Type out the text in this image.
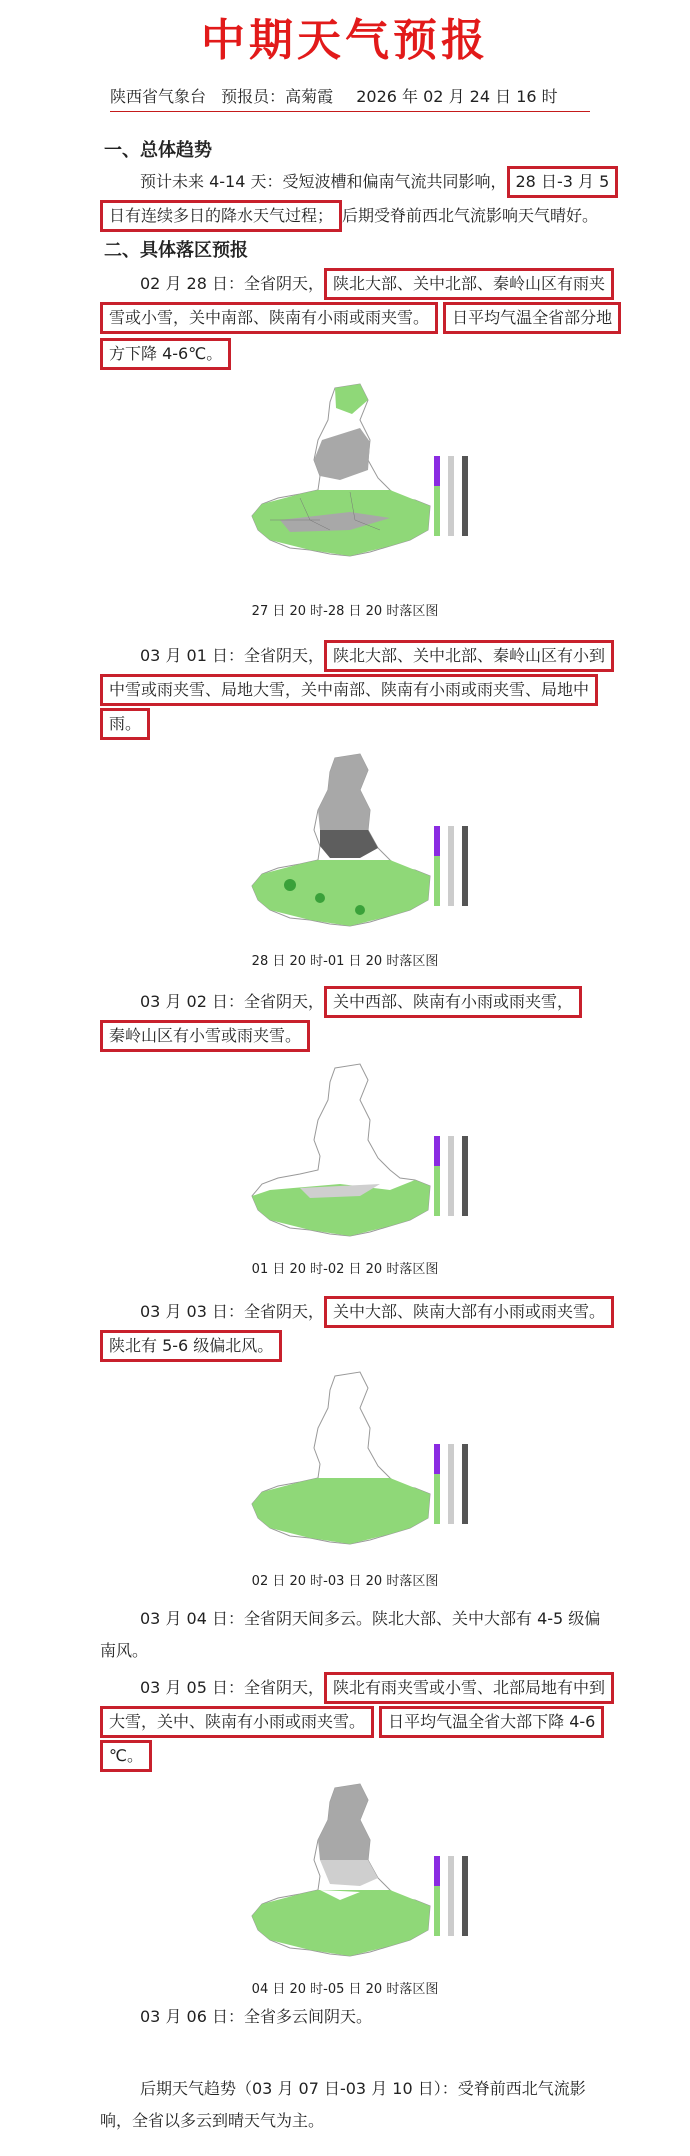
中期天气预报
陕西省气象台 预报员：高菊霞 2026 年 02 月 24 日 16 时
一、总体趋势
预计未来 4-14 天：受短波槽和偏南气流共同影响， 28 日-3 月 5
日有连续多日的降水天气过程； 后期受脊前西北气流影响天气晴好。
二、具体落区预报
02 月 28 日：全省阴天， 陕北大部、关中北部、秦岭山区有雨夹
雪或小雪，关中南部、陕南有小雨或雨夹雪。 日平均气温全省部分地
方下降 4-6℃。
27 日 20 时-28 日 20 时落区图
03 月 01 日：全省阴天， 陕北大部、关中北部、秦岭山区有小到
中雪或雨夹雪、局地大雪，关中南部、陕南有小雨或雨夹雪、局地中
雨。
28 日 20 时-01 日 20 时落区图
03 月 02 日：全省阴天， 关中西部、陕南有小雨或雨夹雪，
秦岭山区有小雪或雨夹雪。
01 日 20 时-02 日 20 时落区图
03 月 03 日：全省阴天， 关中大部、陕南大部有小雨或雨夹雪。
陕北有 5-6 级偏北风。
02 日 20 时-03 日 20 时落区图
03 月 04 日：全省阴天间多云。陕北大部、关中大部有 4-5 级偏
南风。
03 月 05 日：全省阴天， 陕北有雨夹雪或小雪、北部局地有中到
大雪，关中、陕南有小雨或雨夹雪。 日平均气温全省大部下降 4-6
℃。
04 日 20 时-05 日 20 时落区图
03 月 06 日：全省多云间阴天。
后期天气趋势（03 月 07 日-03 月 10 日）：受脊前西北气流影
响，全省以多云到晴天气为主。
